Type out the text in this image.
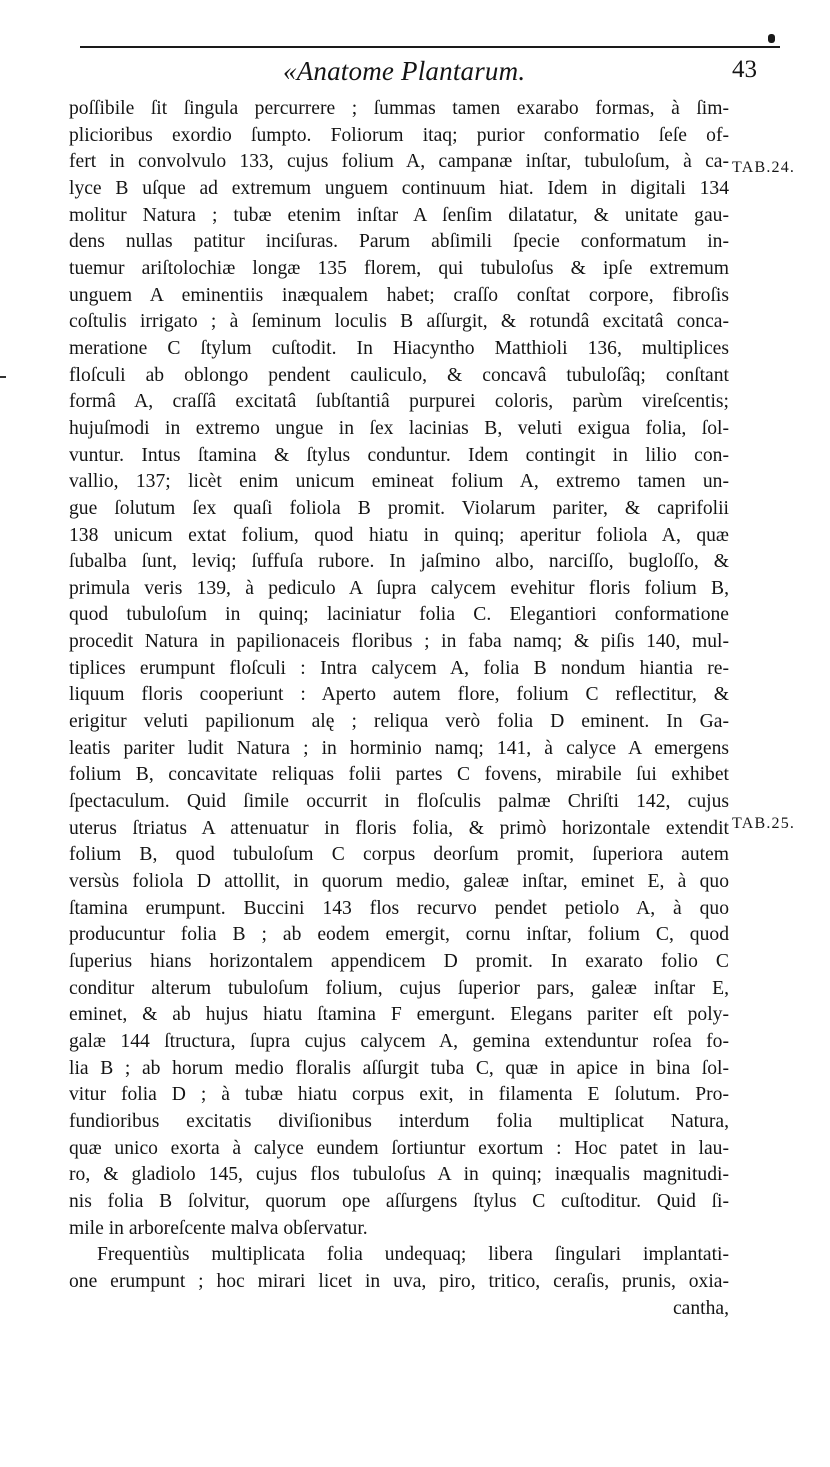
«Anatome Plantarum.	43
TAB.24.
TAB.25.
poſſibile ſit ſingula percurrere ; ſummas tamen exarabo formas, à ſim-
plicioribus exordio ſumpto. Foliorum itaq; purior conformatio ſeſe of-
fert in convolvulo 133, cujus folium A, campanæ inſtar, tubuloſum, à ca-
lyce B uſque ad extremum unguem continuum hiat. Idem in digitali 134
molitur Natura ; tubæ etenim inſtar A ſenſim dilatatur, & unitate gau-
dens nullas patitur inciſuras. Parum abſimili ſpecie conformatum in-
tuemur ariſtolochiæ longæ 135 florem, qui tubuloſus & ipſe extremum
unguem A eminentiis inæqualem habet; craſſo conſtat corpore, fibroſis
coſtulis irrigato ; à ſeminum loculis B aſſurgit, & rotundâ excitatâ conca-
meratione C ſtylum cuſtodit. In Hiacyntho Matthioli 136, multiplices
floſculi ab oblongo pendent cauliculo, & concavâ tubuloſâq; conſtant
formâ A, craſſâ excitatâ ſubſtantiâ purpurei coloris, parùm vireſcentis;
hujuſmodi in extremo ungue in ſex lacinias B, veluti exigua folia, ſol-
vuntur. Intus ſtamina & ſtylus conduntur. Idem contingit in lilio con-
vallio, 137; licèt enim unicum emineat folium A, extremo tamen un-
gue ſolutum ſex quaſi foliola B promit. Violarum pariter, & caprifolii
138 unicum extat folium, quod hiatu in quinq; aperitur foliola A, quæ
ſubalba ſunt, leviq; ſuffuſa rubore. In jaſmino albo, narciſſo, bugloſſo, &
primula veris 139, à pediculo A ſupra calycem evehitur floris folium B,
quod tubuloſum in quinq; laciniatur folia C. Elegantiori conformatione
procedit Natura in papilionaceis floribus ; in faba namq; & piſis 140, mul-
tiplices erumpunt floſculi : Intra calycem A, folia B nondum hiantia re-
liquum floris cooperiunt : Aperto autem flore, folium C reflectitur, &
erigitur veluti papilionum alę ; reliqua verò folia D eminent. In Ga-
leatis pariter ludit Natura ; in horminio namq; 141, à calyce A emergens
folium B, concavitate reliquas folii partes C fovens, mirabile ſui exhibet
ſpectaculum. Quid ſimile occurrit in floſculis palmæ Chriſti 142, cujus
uterus ſtriatus A attenuatur in floris folia, & primò horizontale extendit
folium B, quod tubuloſum C corpus deorſum promit, ſuperiora autem
versùs foliola D attollit, in quorum medio, galeæ inſtar, eminet E, à quo
ſtamina erumpunt. Buccini 143 flos recurvo pendet petiolo A, à quo
producuntur folia B ; ab eodem emergit, cornu inſtar, folium C, quod
ſuperius hians horizontalem appendicem D promit. In exarato folio C
conditur alterum tubuloſum folium, cujus ſuperior pars, galeæ inſtar E,
eminet, & ab hujus hiatu ſtamina F emergunt. Elegans pariter eſt poly-
galæ 144 ſtructura, ſupra cujus calycem A, gemina extenduntur roſea fo-
lia B ; ab horum medio floralis aſſurgit tuba C, quæ in apice in bina ſol-
vitur folia D ; à tubæ hiatu corpus exit, in filamenta E ſolutum. Pro-
fundioribus excitatis diviſionibus interdum folia multiplicat Natura,
quæ unico exorta à calyce eundem ſortiuntur exortum : Hoc patet in lau-
ro, & gladiolo 145, cujus flos tubuloſus A in quinq; inæqualis magnitudi-
nis folia B ſolvitur, quorum ope aſſurgens ſtylus C cuſtoditur. Quid ſi-
mile in arboreſcente malva obſervatur.
Frequentiùs multiplicata folia undequaq; libera ſingulari implantati-
one erumpunt ; hoc mirari licet in uva, piro, tritico, ceraſis, prunis, oxia-
cantha,
